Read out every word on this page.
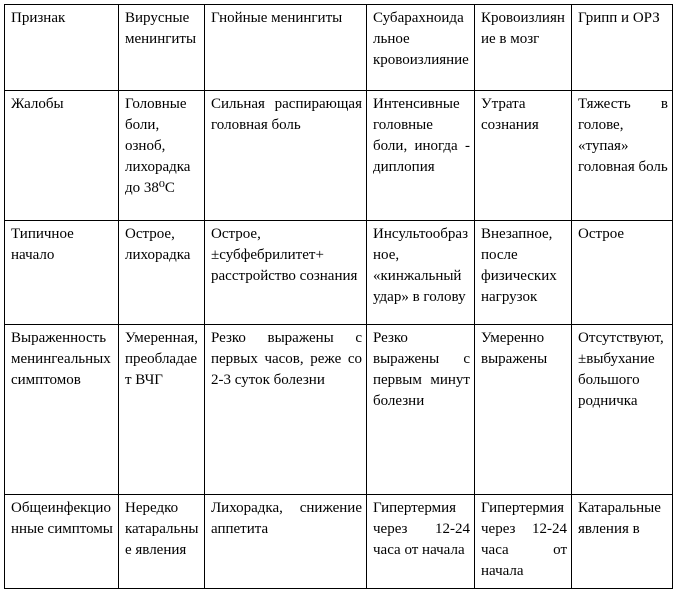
Признак	Вирусные менингиты	Гнойные менингиты	Субарахноидальное кровоизлияние	Кровоизлияние в мозг	Грипп и ОРЗ

Жалобы	Головные боли, озноб, лихорадка до 38⁰С	Сильная распирающая головная боль	Интенсивные головные боли, иногда - диплопия	Утрата сознания	Тяжесть в голове, «тупая» головная боль

Типичное начало	Острое, лихорадка	Острое, ±субфебрилитет+ расстройство сознания	Инсультообразное, «кинжальный удар» в голову	Внезапное, после физических нагрузок	Острое

Выраженность менингеальных симптомов	Умеренная, преобладает ВЧГ	Резко выражены с первых часов, реже со 2-3 суток болезни	Резко выражены с первым минут болезни	Умеренно выражены	Отсутствуют, ±выбухание большого родничка

Общеинфекционные симптомы	Нередко катаральные явления	Лихорадка, снижение аппетита	Гипертермия через 12-24 часа от начала	Гипертермия через 12-24 часа от начала	Катаральные явления в
